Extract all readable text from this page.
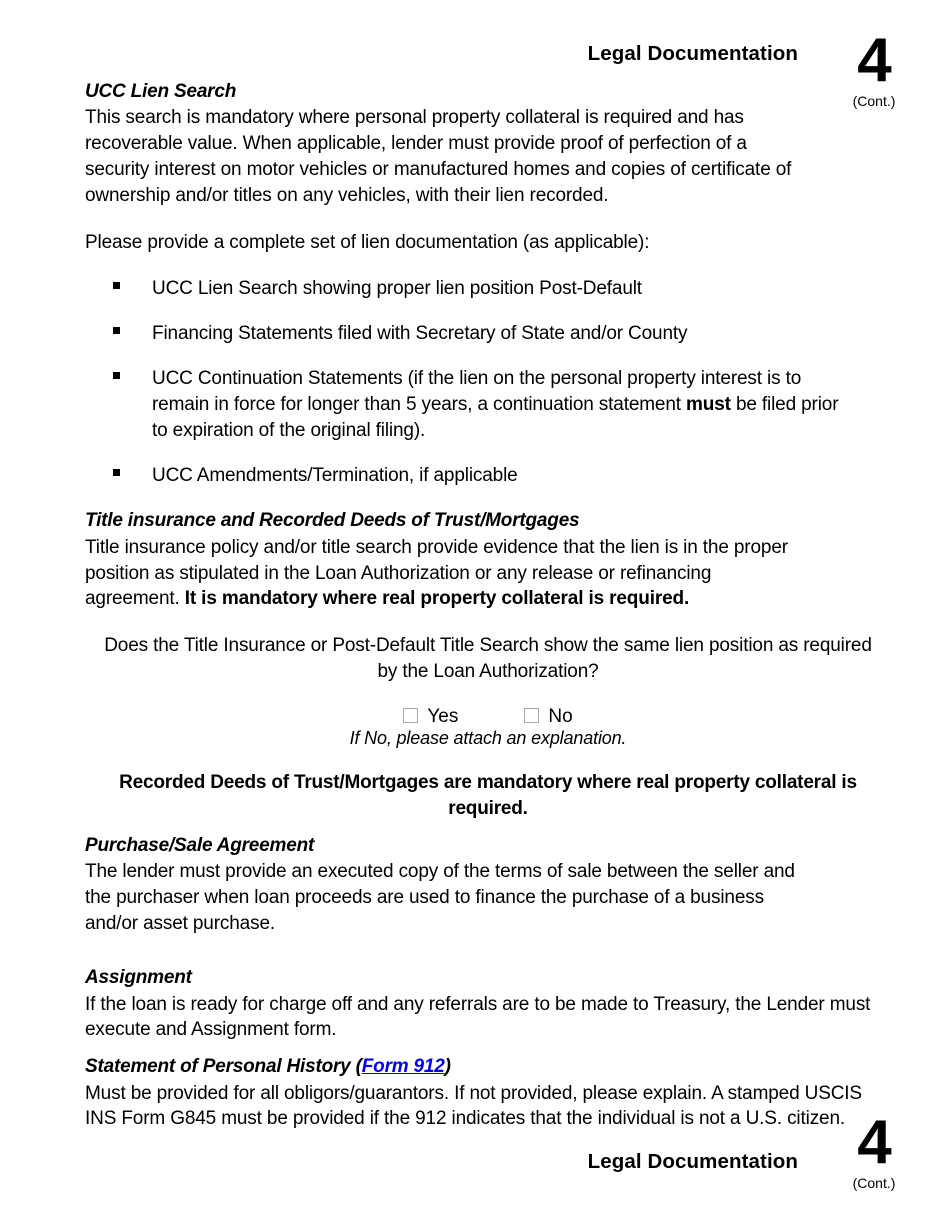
Legal Documentation 4
(Cont.)
UCC Lien Search

This search is mandatory where personal property collateral is required and has recoverable value. When applicable, lender must provide proof of perfection of a security interest on motor vehicles or manufactured homes and copies of certificate of ownership and/or titles on any vehicles, with their lien recorded.

Please provide a complete set of lien documentation (as applicable):

UCC Lien Search showing proper lien position Post-Default
Financing Statements filed with Secretary of State and/or County
UCC Continuation Statements (if the lien on the personal property interest is to remain in force for longer than 5 years, a continuation statement must be filed prior to expiration of the original filing).
UCC Amendments/Termination, if applicable
Title insurance and Recorded Deeds of Trust/Mortgages

Title insurance policy and/or title search provide evidence that the lien is in the proper position as stipulated in the Loan Authorization or any release or refinancing agreement. It is mandatory where real property collateral is required.

Does the Title Insurance or Post-Default Title Search show the same lien position as required by the Loan Authorization?
Yes	No
If No, please attach an explanation.
Recorded Deeds of Trust/Mortgages are mandatory where real property collateral is required.
Purchase/Sale Agreement

The lender must provide an executed copy of the terms of sale between the seller and the purchaser when loan proceeds are used to finance the purchase of a business and/or asset purchase.

Assignment

If the loan is ready for charge off and any referrals are to be made to Treasury, the Lender must execute and Assignment form.

Statement of Personal History (Form 912)

Must be provided for all obligors/guarantors. If not provided, please explain. A stamped USCIS INS Form G845 must be provided if the 912 indicates that the individual is not a U.S. citizen.

Legal Documentation 4
(Cont.)
